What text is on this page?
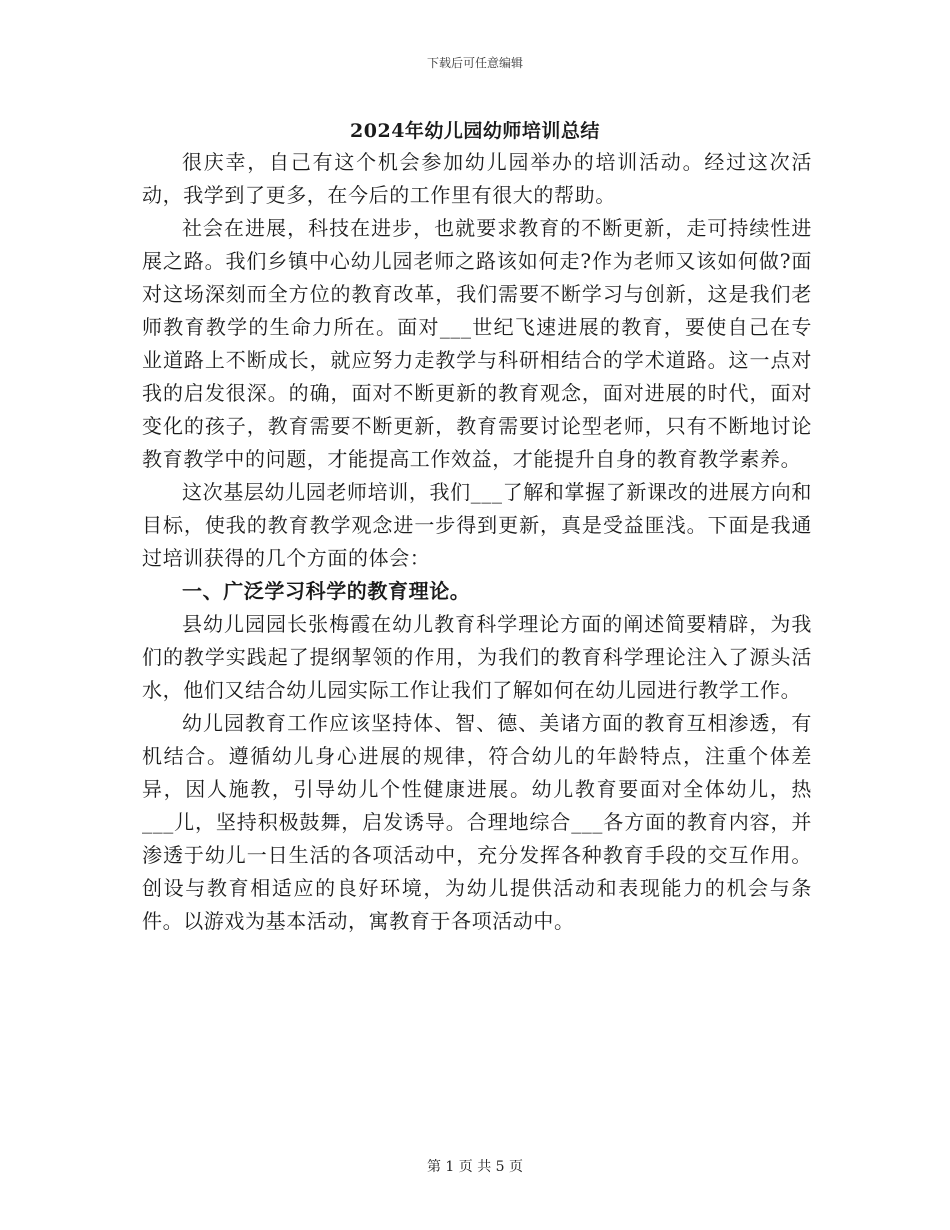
下载后可任意编辑
2024年幼儿园幼师培训总结

很庆幸，自己有这个机会参加幼儿园举办的培训活动。经过这次活动，我学到了更多，在今后的工作里有很大的帮助。

社会在进展，科技在进步，也就要求教育的不断更新，走可持续性进展之路。我们乡镇中心幼儿园老师之路该如何走?作为老师又该如何做?面对这场深刻而全方位的教育改革，我们需要不断学习与创新，这是我们老师教育教学的生命力所在。面对___世纪飞速进展的教育，要使自己在专业道路上不断成长，就应努力走教学与科研相结合的学术道路。这一点对我的启发很深。的确，面对不断更新的教育观念，面对进展的时代，面对变化的孩子，教育需要不断更新，教育需要讨论型老师，只有不断地讨论教育教学中的问题，才能提高工作效益，才能提升自身的教育教学素养。

这次基层幼儿园老师培训，我们___了解和掌握了新课改的进展方向和目标，使我的教育教学观念进一步得到更新，真是受益匪浅。下面是我通过培训获得的几个方面的体会：

一、广泛学习科学的教育理论。

县幼儿园园长张梅霞在幼儿教育科学理论方面的阐述简要精辟，为我们的教学实践起了提纲挈领的作用，为我们的教育科学理论注入了源头活水，他们又结合幼儿园实际工作让我们了解如何在幼儿园进行教学工作。

幼儿园教育工作应该坚持体、智、德、美诸方面的教育互相渗透，有机结合。遵循幼儿身心进展的规律，符合幼儿的年龄特点，注重个体差异，因人施教，引导幼儿个性健康进展。幼儿教育要面对全体幼儿，热___儿，坚持积极鼓舞，启发诱导。合理地综合___各方面的教育内容，并渗透于幼儿一日生活的各项活动中，充分发挥各种教育手段的交互作用。创设与教育相适应的良好环境，为幼儿提供活动和表现能力的机会与条件。以游戏为基本活动，寓教育于各项活动中。

第 1 页 共 5 页
